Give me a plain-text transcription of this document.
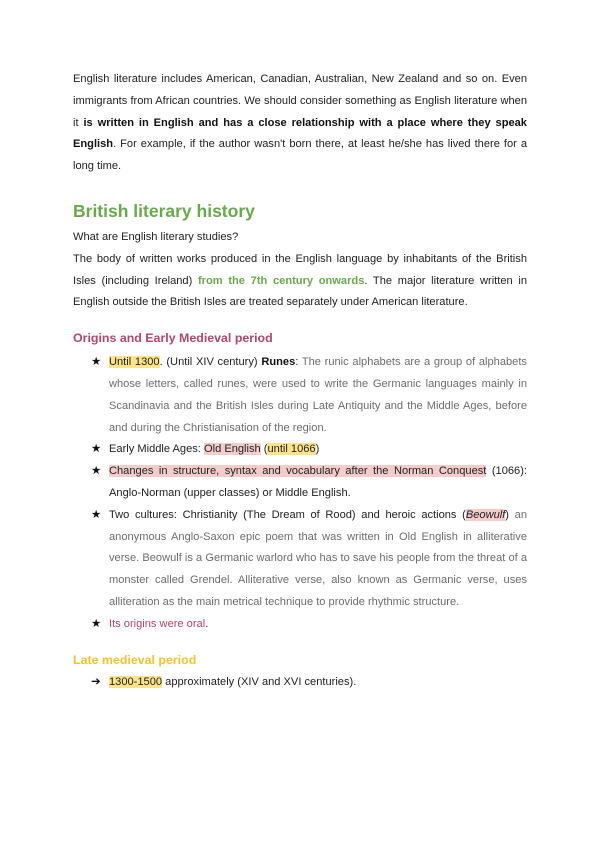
English literature includes American, Canadian, Australian, New Zealand and so on. Even immigrants from African countries. We should consider something as English literature when it is written in English and has a close relationship with a place where they speak English. For example, if the author wasn't born there, at least he/she has lived there for a long time.

British literary history

What are English literary studies?

The body of written works produced in the English language by inhabitants of the British Isles (including Ireland) from the 7th century onwards. The major literature written in English outside the British Isles are treated separately under American literature.

Origins and Early Medieval period
★ Until 1300. (Until XIV century) Runes: The runic alphabets are a group of alphabets whose letters, called runes, were used to write the Germanic languages mainly in Scandinavia and the British Isles during Late Antiquity and the Middle Ages, before and during the Christianisation of the region.
★ Early Middle Ages: Old English (until 1066)
★ Changes in structure, syntax and vocabulary after the Norman Conquest (1066): Anglo-Norman (upper classes) or Middle English.
★ Two cultures: Christianity (The Dream of Rood) and heroic actions (Beowulf) an anonymous Anglo-Saxon epic poem that was written in Old English in alliterative verse. Beowulf is a Germanic warlord who has to save his people from the threat of a monster called Grendel. Alliterative verse, also known as Germanic verse, uses alliteration as the main metrical technique to provide rhythmic structure.
★ Its origins were oral.
Late medieval period
➔ 1300-1500 approximately (XIV and XVI centuries).
